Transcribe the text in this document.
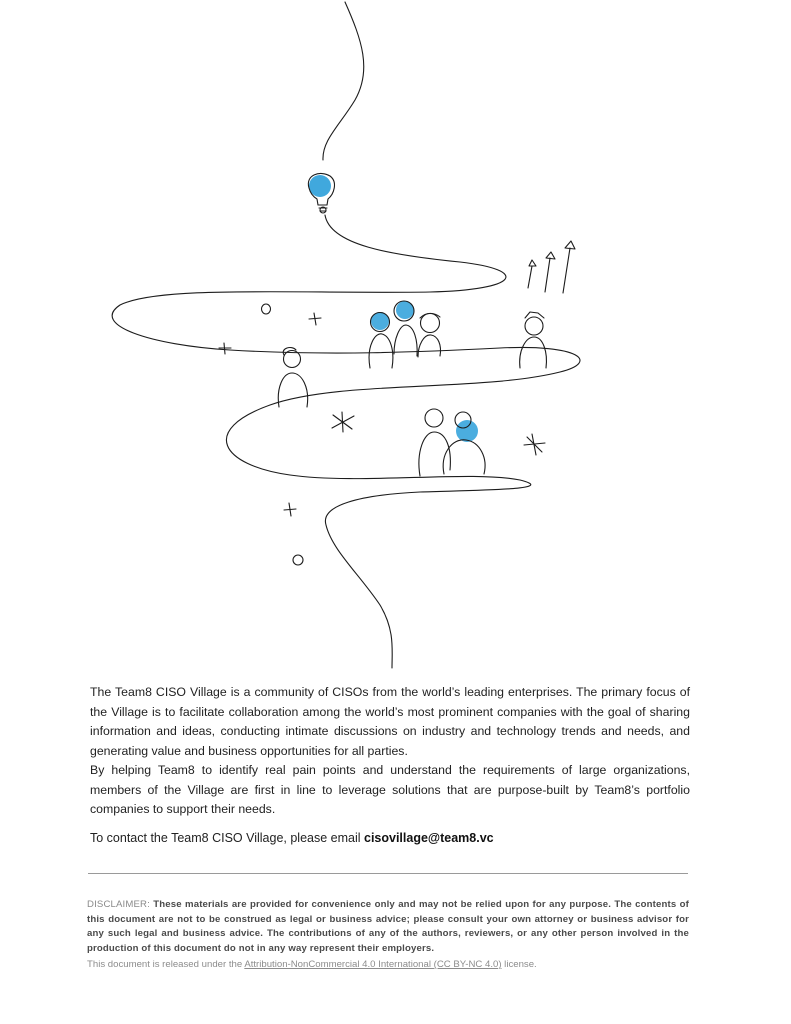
The Team8 CISO Village is a community of CISOs from the world’s leading enterprises. The primary focus of the Village is to facilitate collaboration among the world’s most prominent companies with the goal of sharing information and ideas, conducting intimate discussions on industry and technology trends and needs, and generating value and business opportunities for all parties.

By helping Team8 to identify real pain points and understand the requirements of large organizations, members of the Village are first in line to leverage solutions that are purpose-built by Team8’s portfolio companies to support their needs.

To contact the Team8 CISO Village, please email cisovillage@team8.vc
DISCLAIMER: These materials are provided for convenience only and may not be relied upon for any purpose. The contents of this document are not to be construed as legal or business advice; please consult your own attorney or business advisor for any such legal and business advice. The contributions of any of the authors, reviewers, or any other person involved in the production of this document do not in any way represent their employers.
This document is released under the Attribution-NonCommercial 4.0 International (CC BY-NC 4.0) license.
